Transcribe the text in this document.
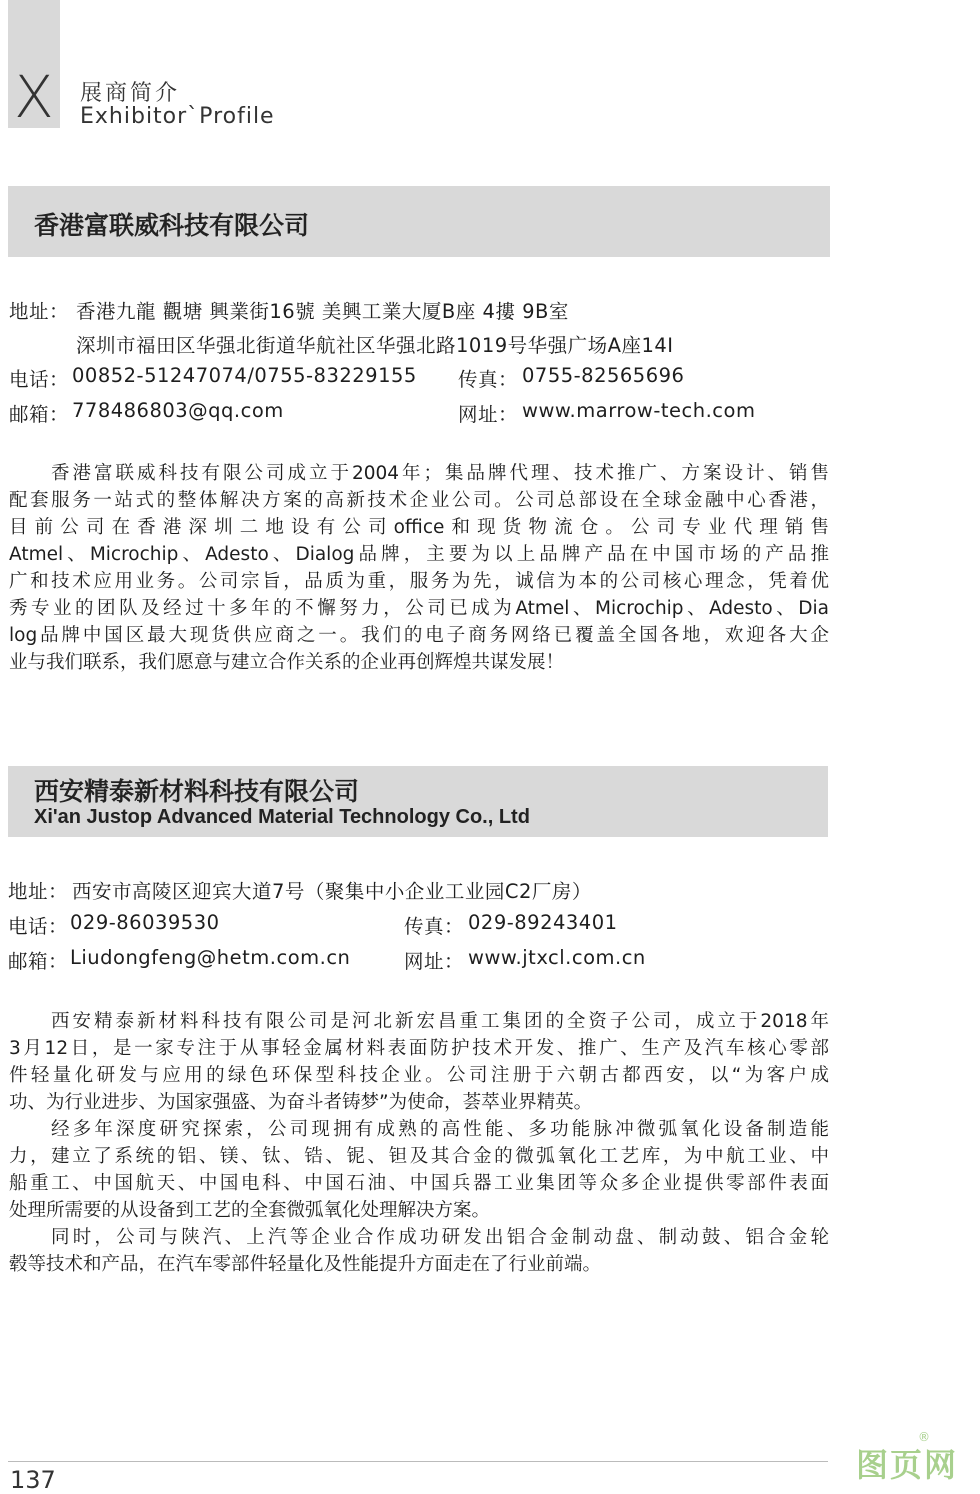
X 展商简介
Exhibitor`Profile
香港富联威科技有限公司
地址： 香港九龍 觀塘 興業街16號 美興工業大厦B座 4摟 9B室
深圳市福田区华强北街道华航社区华强北路1019号华强广场A座14I
电话： 00852-51247074/0755-83229155 传真： 0755-82565696
邮箱： 778486803@qq.com	网址： www.marrow-tech.com
香港富联威科技有限公司成立于2004年；集品牌代理、技术推广、方案设计、销售
配套服务一站式的整体解决方案的高新技术企业公司。公司总部设在全球金融中心香港，
目前公司在香港深圳二地设有公司office和现货物流仓。公司专业代理销售
Atmel、Microchip、Adesto、Dialog品牌，主要为以上品牌产品在中国市场的产品推
广和技术应用业务。公司宗旨，品质为重，服务为先，诚信为本的公司核心理念，凭着优
秀专业的团队及经过十多年的不懈努力，公司已成为Atmel、Microchip、Adesto、Dia
log品牌中国区最大现货供应商之一。我们的电子商务网络已覆盖全国各地，欢迎各大企
业与我们联系，我们愿意与建立合作关系的企业再创辉煌共谋发展！
西安精泰新材料科技有限公司
Xi'an Justop Advanced Material Technology Co., Ltd
地址： 西安市高陵区迎宾大道7号（聚集中小企业工业园C2厂房）
电话： 029-86039530	传真： 029-89243401
邮箱： Liudongfeng@hetm.com.cn	网址： www.jtxcl.com.cn
西安精泰新材料科技有限公司是河北新宏昌重工集团的全资子公司，成立于2018年
3月12日，是一家专注于从事轻金属材料表面防护技术开发、推广、生产及汽车核心零部
件轻量化研发与应用的绿色环保型科技企业。公司注册于六朝古都西安，以“为客户成
功、为行业进步、为国家强盛、为奋斗者铸梦”为使命，荟萃业界精英。
经多年深度研究探索，公司现拥有成熟的高性能、多功能脉冲微弧氧化设备制造能
力，建立了系统的铝、镁、钛、锆、铌、钽及其合金的微弧氧化工艺库，为中航工业、中
船重工、中国航天、中国电科、中国石油、中国兵器工业集团等众多企业提供零部件表面
处理所需要的从设备到工艺的全套微弧氧化处理解决方案。
同时，公司与陕汽、上汽等企业合作成功研发出铝合金制动盘、制动鼓、铝合金轮
毂等技术和产品，在汽车零部件轻量化及性能提升方面走在了行业前端。
137	图页网
®
